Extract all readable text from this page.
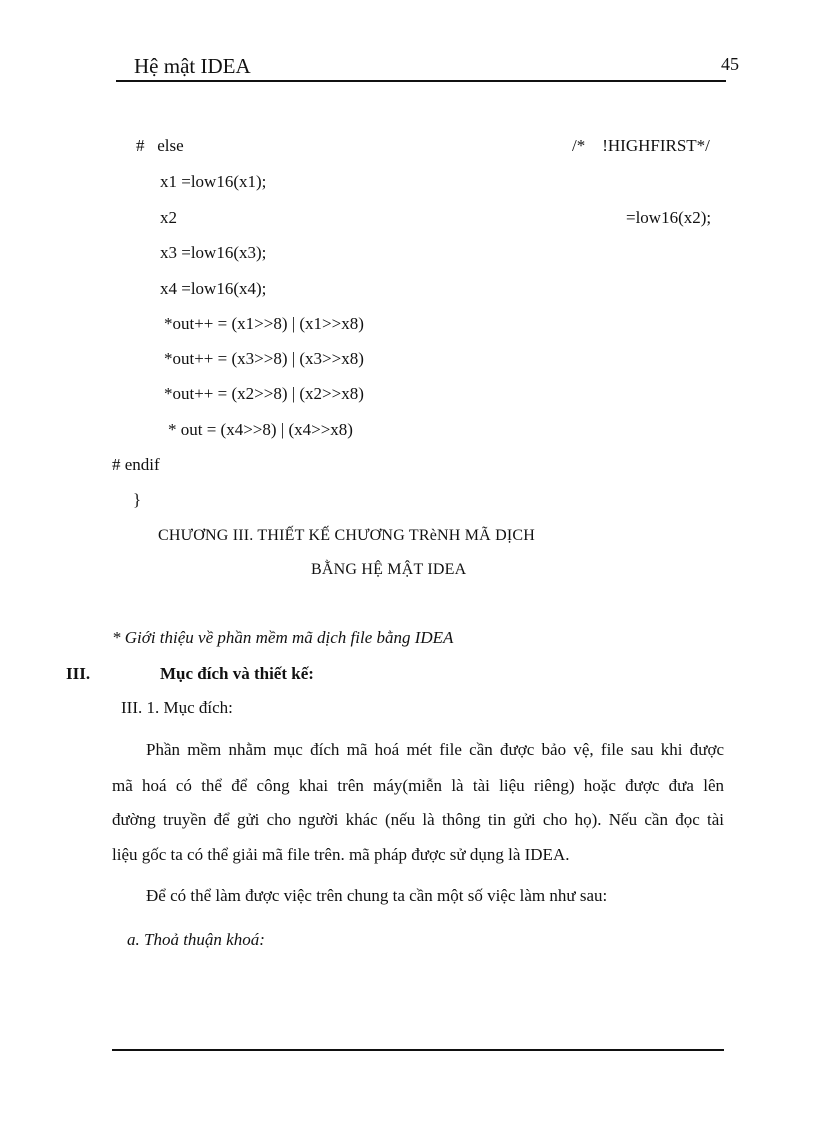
Hệ mật IDEA	45
#   else	/*    !HIGHFIRST*/
x1 =low16(x1);
x2	=low16(x2);
x3 =low16(x3);
x4 =low16(x4);
*out++ = (x1>>8) | (x1>>x8)
*out++ = (x3>>8) | (x3>>x8)
*out++ = (x2>>8) | (x2>>x8)
* out = (x4>>8) | (x4>>x8)
# endif
}
CHƯƠNG III. THIẾT KẾ CHƯƠNG TRèNH MÃ DỊCH
BẰNG HỆ MẬT IDEA
* Giới thiệu về phần mềm mã dịch file bằng IDEA
III.	Mục đích và thiết kế:
III. 1. Mục đích:
Phần mềm nhằm mục đích mã hoá mét file cần được bảo vệ, file sau khi được
mã hoá có thể để công khai trên máy(miễn là tài liệu riêng) hoặc được đưa lên
đường truyền để gửi cho người khác (nếu là thông tin gửi cho họ). Nếu cần đọc tài
liệu gốc ta có thể giải mã file trên. mã pháp được sử dụng là IDEA.
Để có thể làm được việc trên chung ta cần một số việc làm như sau:
a. Thoả thuận khoá:
